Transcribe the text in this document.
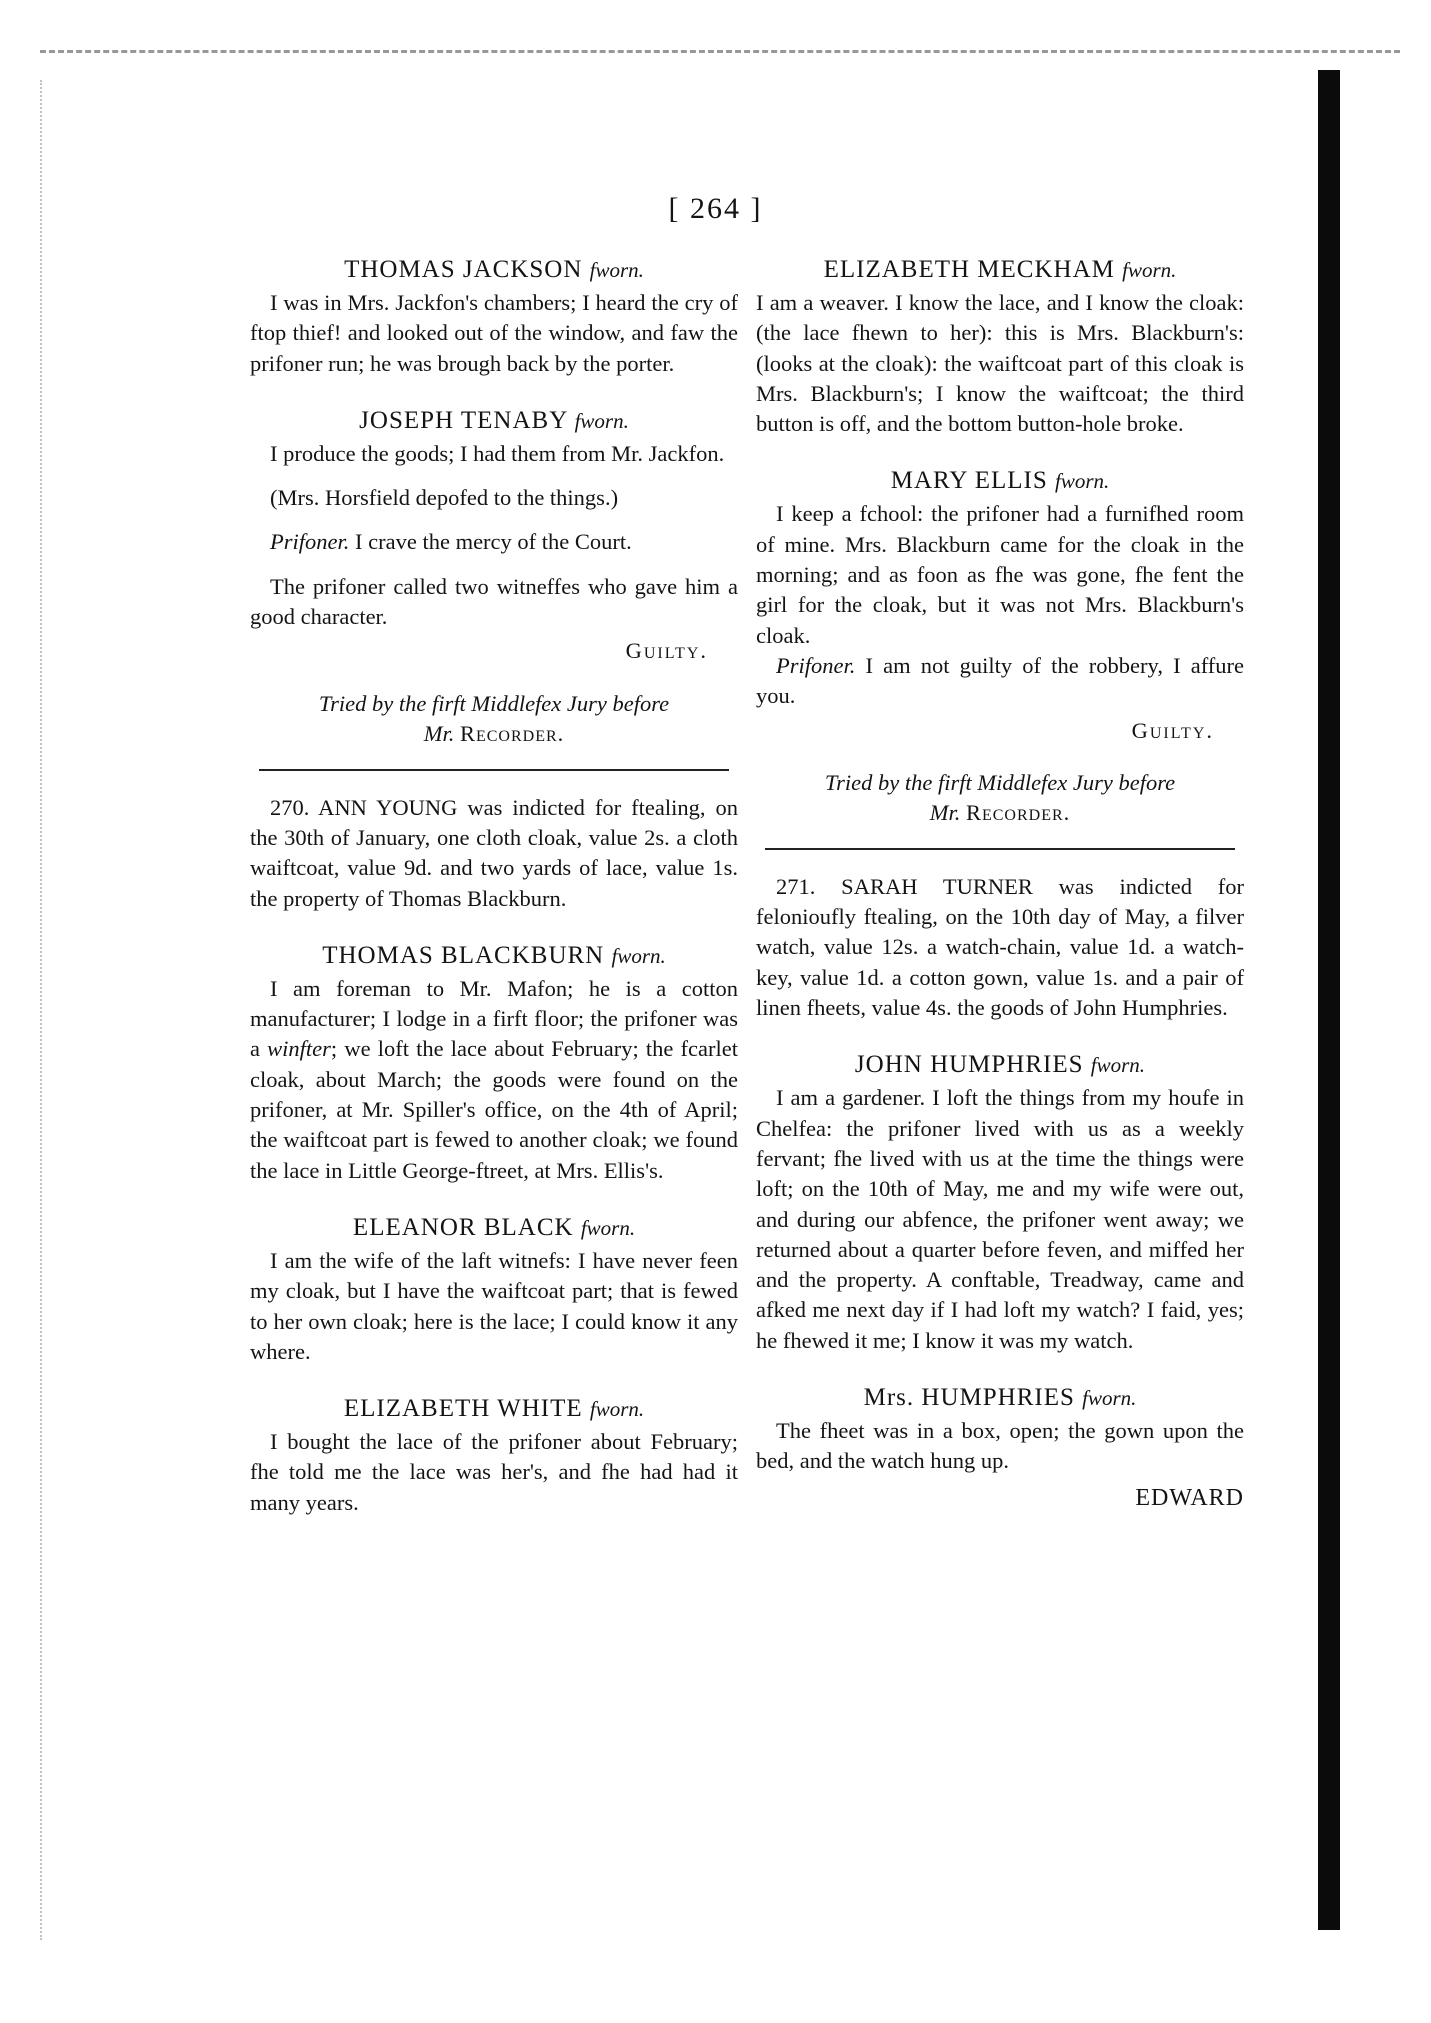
[ 264 ]
THOMAS JACKSON fworn.

I was in Mrs. Jackfon's chambers; I heard the cry of ftop thief! and looked out of the window, and faw the prifoner run; he was brough back by the porter.

JOSEPH TENABY fworn.

I produce the goods; I had them from Mr. Jackfon.

(Mrs. Horsfield depofed to the things.)

Prifoner. I crave the mercy of the Court.

The prifoner called two witneffes who gave him a good character.

Guilty.
Tried by the firft Middlefex Jury before
Mr. Recorder.

270. ANN YOUNG was indicted for ftealing, on the 30th of January, one cloth cloak, value 2s. a cloth waiftcoat, value 9d. and two yards of lace, value 1s. the property of Thomas Blackburn.

THOMAS BLACKBURN fworn.

I am foreman to Mr. Mafon; he is a cotton manufacturer; I lodge in a firft floor; the prifoner was a winfter; we loft the lace about February; the fcarlet cloak, about March; the goods were found on the prifoner, at Mr. Spiller's office, on the 4th of April; the waiftcoat part is fewed to another cloak; we found the lace in Little George-ftreet, at Mrs. Ellis's.

ELEANOR BLACK fworn.

I am the wife of the laft witnefs: I have never feen my cloak, but I have the waiftcoat part; that is fewed to her own cloak; here is the lace; I could know it any where.

ELIZABETH WHITE fworn.

I bought the lace of the prifoner about February; fhe told me the lace was her's, and fhe had had it many years.

ELIZABETH MECKHAM fworn.

I am a weaver. I know the lace, and I know the cloak: (the lace fhewn to her): this is Mrs. Blackburn's: (looks at the cloak): the waiftcoat part of this cloak is Mrs. Blackburn's; I know the waiftcoat; the third button is off, and the bottom button-hole broke.

MARY ELLIS fworn.

I keep a fchool: the prifoner had a furnifhed room of mine. Mrs. Blackburn came for the cloak in the morning; and as foon as fhe was gone, fhe fent the girl for the cloak, but it was not Mrs. Blackburn's cloak.

Prifoner. I am not guilty of the robbery, I affure you.

Guilty.
Tried by the firft Middlefex Jury before
Mr. Recorder.

271. SARAH TURNER was indicted for felonioufly ftealing, on the 10th day of May, a filver watch, value 12s. a watch-chain, value 1d. a watch-key, value 1d. a cotton gown, value 1s. and a pair of linen fheets, value 4s. the goods of John Humphries.

JOHN HUMPHRIES fworn.

I am a gardener. I loft the things from my houfe in Chelfea: the prifoner lived with us as a weekly fervant; fhe lived with us at the time the things were loft; on the 10th of May, me and my wife were out, and during our abfence, the prifoner went away; we returned about a quarter before feven, and miffed her and the property. A conftable, Treadway, came and afked me next day if I had loft my watch? I faid, yes; he fhewed it me; I know it was my watch.

Mrs. HUMPHRIES fworn.

The fheet was in a box, open; the gown upon the bed, and the watch hung up.

EDWARD
